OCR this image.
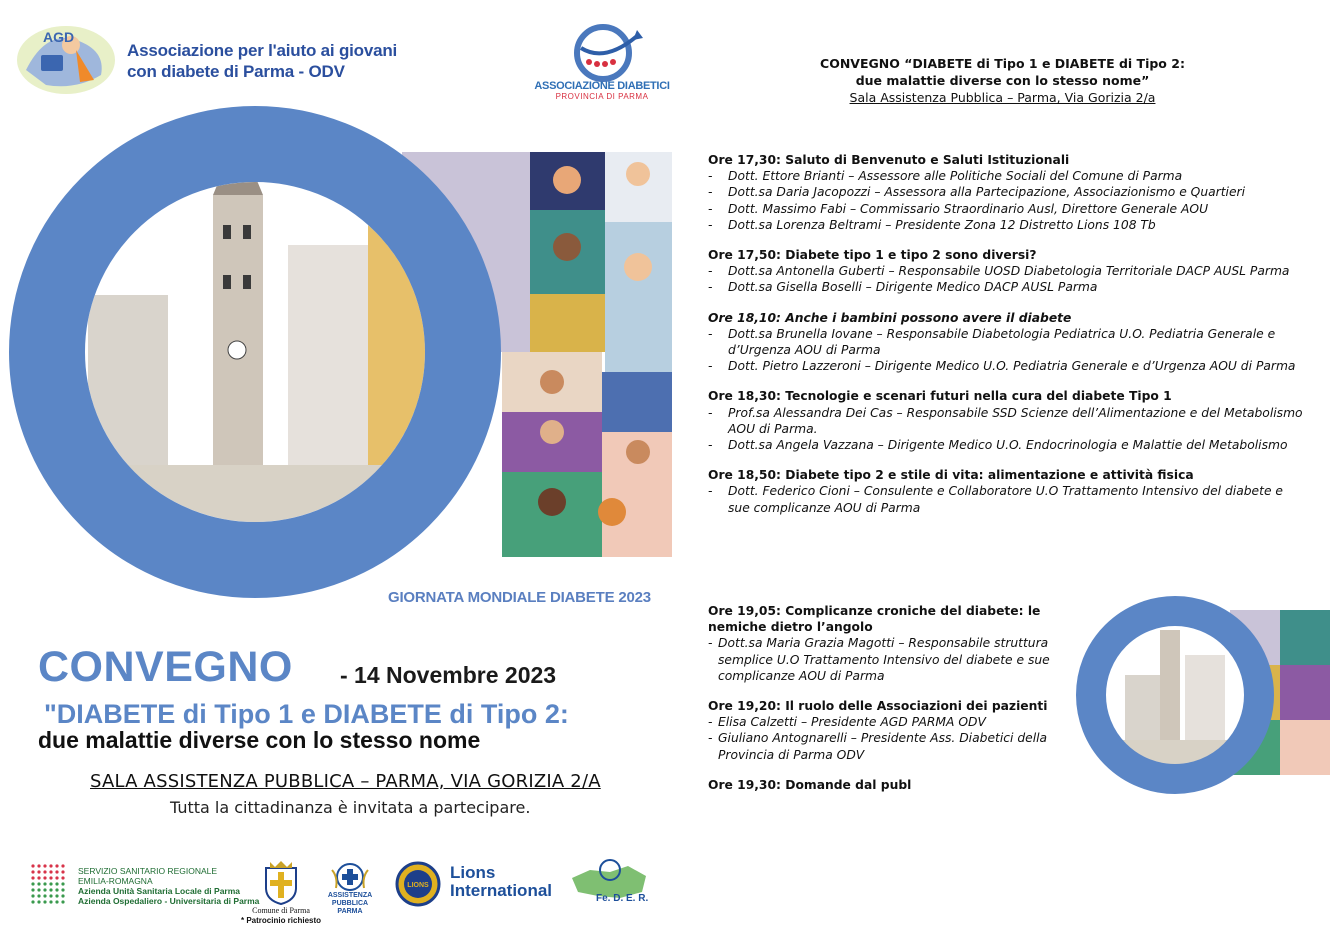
AGD
Associazione per l'aiuto ai giovani
con diabete di Parma - ODV
ASSOCIAZIONE DIABETICI
PROVINCIA DI PARMA
CONVEGNO “DIABETE di Tipo 1 e DIABETE di Tipo 2:
due malattie diverse con lo stesso nome”
Sala Assistenza Pubblica – Parma, Via Gorizia 2/a
Ore 17,30: Saluto di Benvenuto e Saluti Istituzionali
- Dott. Ettore Brianti – Assessore alle Politiche Sociali del Comune di Parma
- Dott.sa Daria Jacopozzi – Assessora alla Partecipazione, Associazionismo e Quartieri
- Dott. Massimo Fabi – Commissario Straordinario Ausl, Direttore Generale AOU
- Dott.sa Lorenza Beltrami – Presidente Zona 12 Distretto Lions 108 Tb
Ore 17,50: Diabete tipo 1 e tipo 2 sono diversi?
- Dott.sa Antonella Guberti – Responsabile UOSD Diabetologia Territoriale DACP AUSL Parma
- Dott.sa Gisella Boselli – Dirigente Medico DACP AUSL Parma
Ore 18,10: Anche i bambini possono avere il diabete
- Dott.sa Brunella Iovane – Responsabile Diabetologia Pediatrica U.O. Pediatria Generale e d’Urgenza AOU di Parma
- Dott. Pietro Lazzeroni – Dirigente Medico U.O. Pediatria Generale e d’Urgenza AOU di Parma
Ore 18,30: Tecnologie e scenari futuri nella cura del diabete Tipo 1
- Prof.sa Alessandra Dei Cas – Responsabile SSD Scienze dell’Alimentazione e del Metabolismo AOU di Parma.
- Dott.sa Angela Vazzana – Dirigente Medico U.O. Endocrinologia e Malattie del Metabolismo
Ore 18,50: Diabete tipo 2 e stile di vita: alimentazione e attività fisica
- Dott. Federico Cioni – Consulente e Collaboratore U.O Trattamento Intensivo del diabete e sue complicanze AOU di Parma
Ore 19,05: Complicanze croniche del diabete: le nemiche dietro l’angolo
- Dott.sa Maria Grazia Magotti – Responsabile struttura semplice U.O Trattamento Intensivo del diabete e sue complicanze AOU di Parma
Ore 19,20: Il ruolo delle Associazioni dei pazienti
- Elisa Calzetti – Presidente AGD PARMA ODV
- Giuliano Antognarelli – Presidente Ass. Diabetici della Provincia di Parma ODV
Ore 19,30: Domande dal publ
GIORNATA MONDIALE DIABETE 2023
CONVEGNO - 14 Novembre 2023
"DIABETE di Tipo 1 e DIABETE di Tipo 2:
due malattie diverse con lo stesso nome
SALA ASSISTENZA PUBBLICA – PARMA, VIA GORIZIA 2/A
Tutta la cittadinanza è invitata a partecipare.
SERVIZIO SANITARIO REGIONALE
EMILIA-ROMAGNA
Azienda Unità Sanitaria Locale di Parma
Azienda Ospedaliero - Universitaria di Parma
Comune di Parma
* Patrocinio richiesto
ASSISTENZA
PUBBLICA
PARMA
LIONS
Lions
International	Fe. D. E. R.
